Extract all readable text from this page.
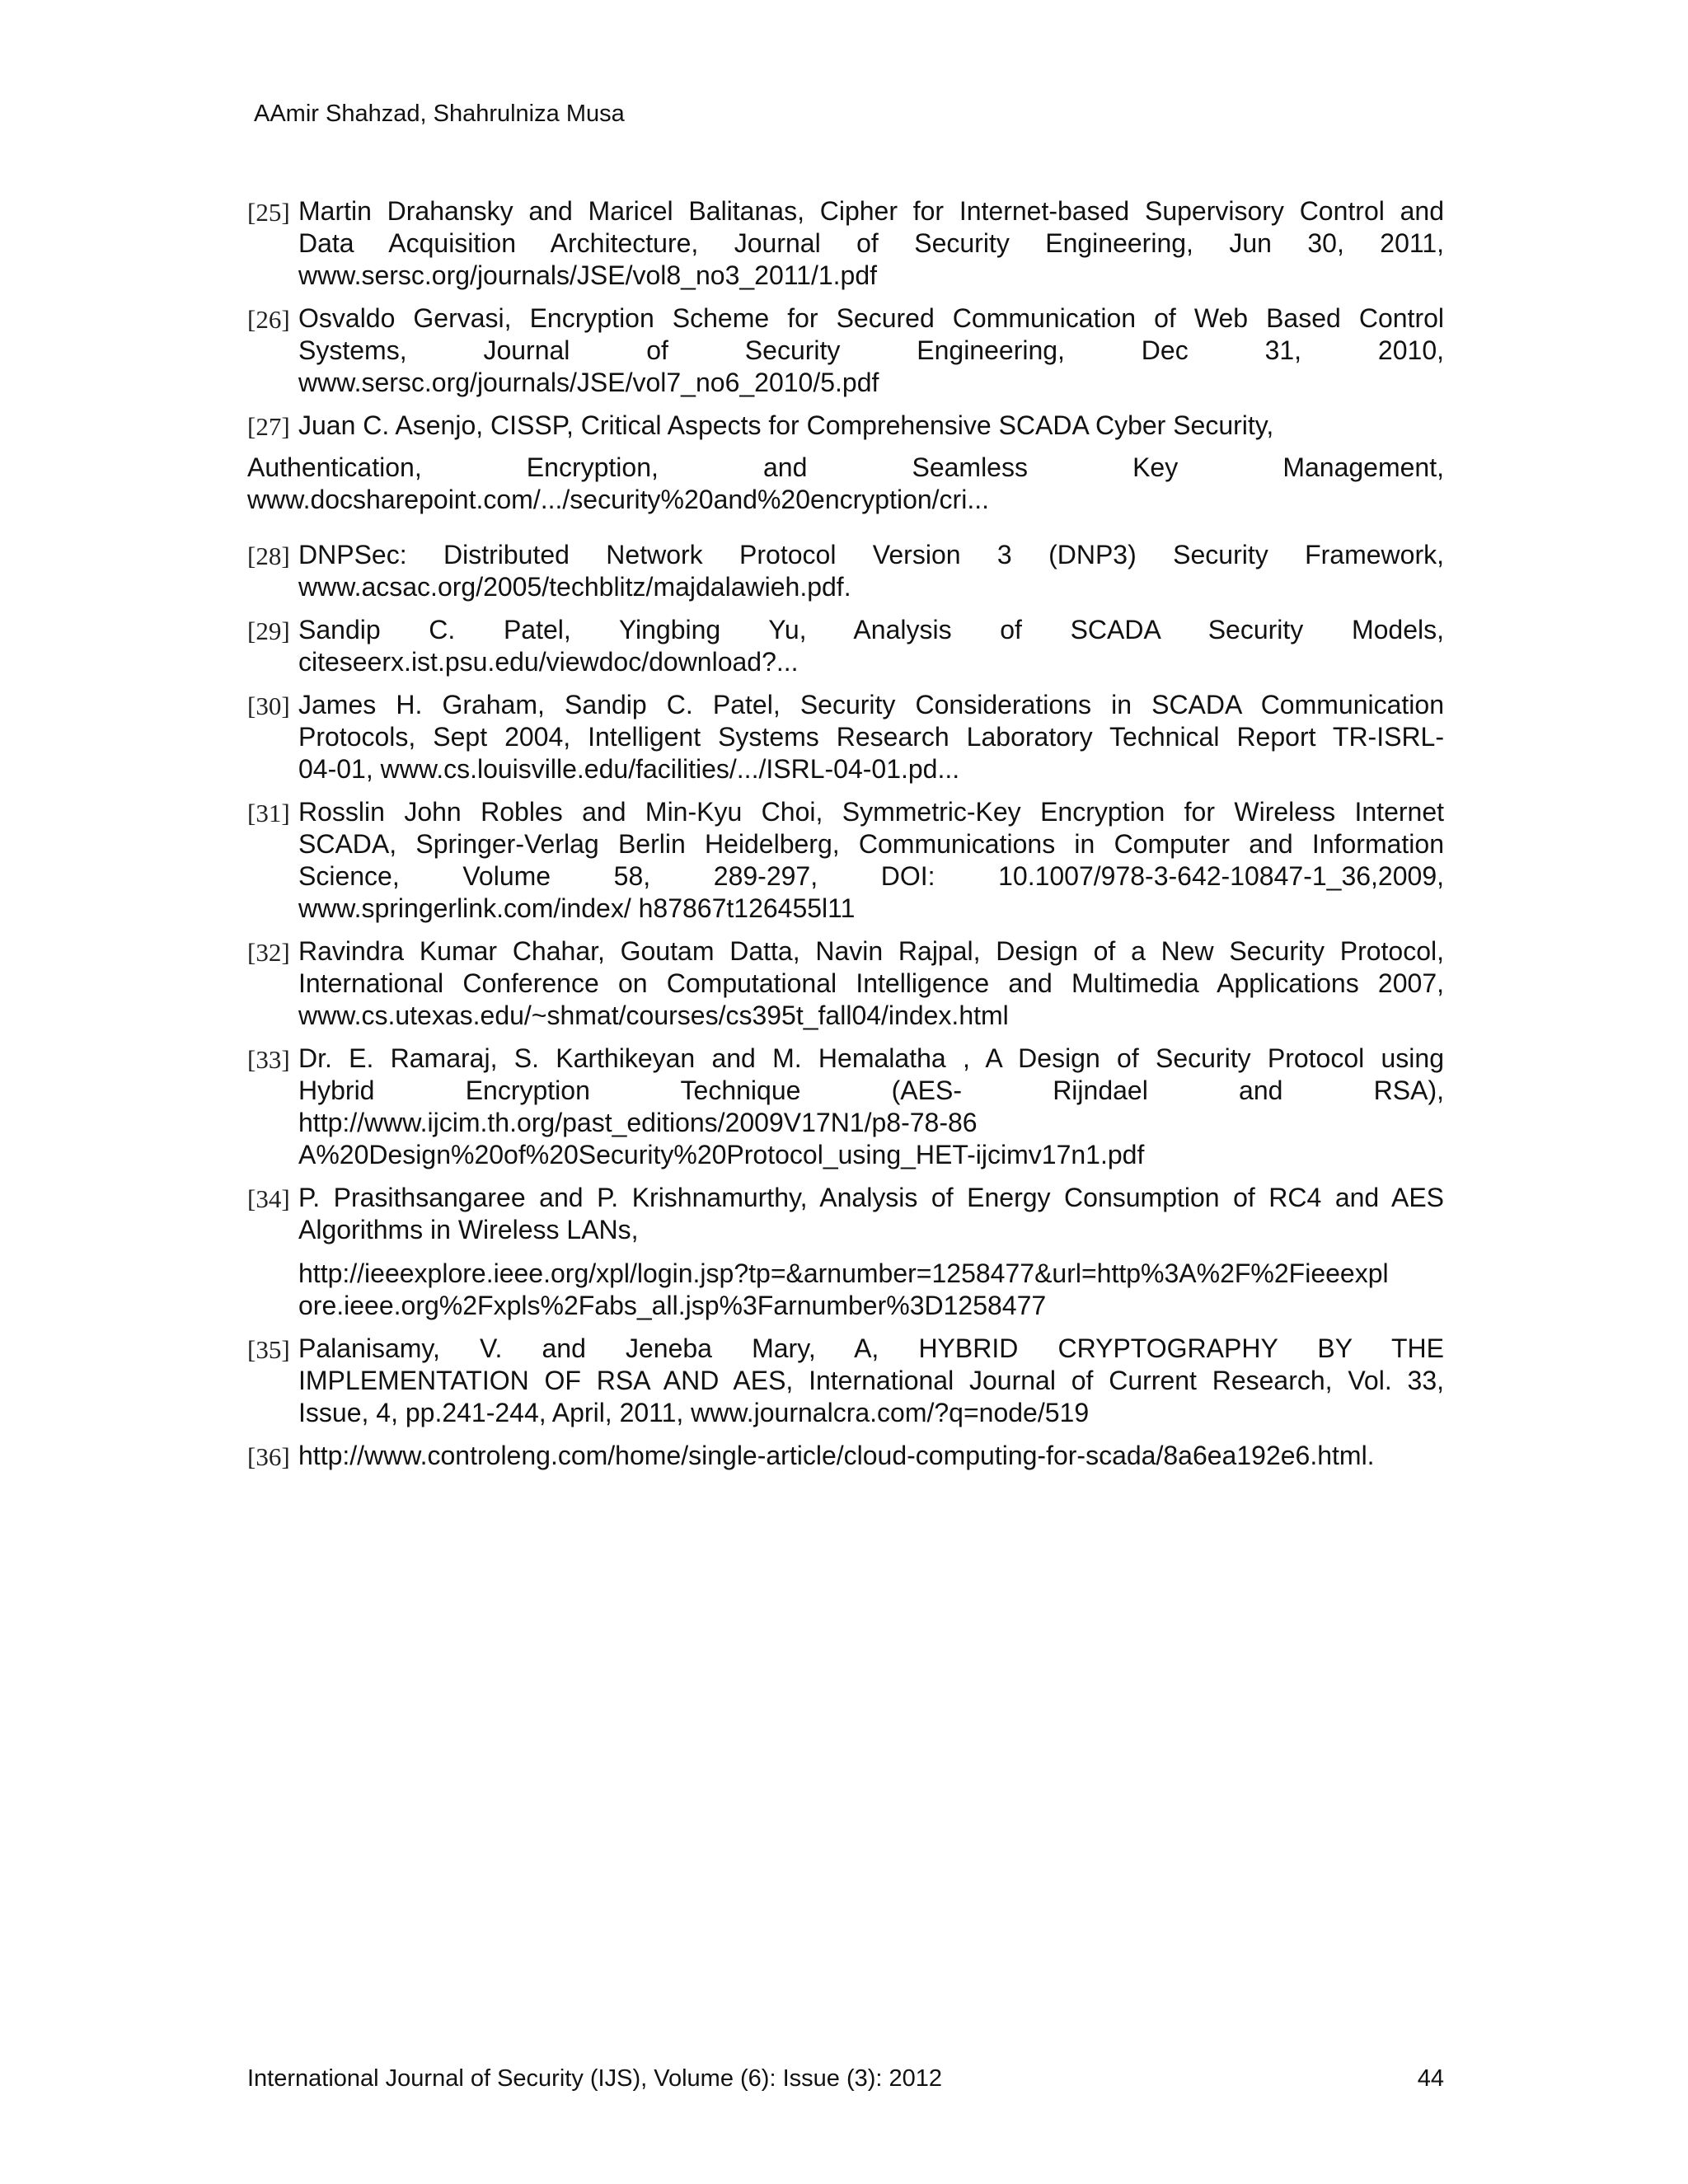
AAmir Shahzad, Shahrulniza Musa
[25] Martin Drahansky and Maricel Balitanas, Cipher for Internet-based Supervisory Control and
Data Acquisition Architecture, Journal of Security Engineering, Jun 30, 2011,
www.sersc.org/journals/JSE/vol8_no3_2011/1.pdf
[26] Osvaldo Gervasi, Encryption Scheme for Secured Communication of Web Based Control
Systems, Journal of Security Engineering, Dec 31, 2010,
www.sersc.org/journals/JSE/vol7_no6_2010/5.pdf
[27] Juan C. Asenjo, CISSP, Critical Aspects for Comprehensive SCADA Cyber Security,
Authentication, Encryption, and Seamless Key Management,
www.docsharepoint.com/.../security%20and%20encryption/cri...
[28] DNPSec: Distributed Network Protocol Version 3 (DNP3) Security Framework,
www.acsac.org/2005/techblitz/majdalawieh.pdf.
[29] Sandip C. Patel, Yingbing Yu, Analysis of SCADA Security Models,
citeseerx.ist.psu.edu/viewdoc/download?...
[30] James H. Graham, Sandip C. Patel, Security Considerations in SCADA Communication
Protocols, Sept 2004, Intelligent Systems Research Laboratory Technical Report TR-ISRL-
04-01, www.cs.louisville.edu/facilities/.../ISRL-04-01.pd...
[31] Rosslin John Robles and Min-Kyu Choi, Symmetric-Key Encryption for Wireless Internet
SCADA, Springer-Verlag Berlin Heidelberg, Communications in Computer and Information
Science, Volume 58, 289-297, DOI: 10.1007/978-3-642-10847-1_36,2009,
www.springerlink.com/index/ h87867t126455l11
[32] Ravindra Kumar Chahar, Goutam Datta, Navin Rajpal, Design of a New Security Protocol,
International Conference on Computational Intelligence and Multimedia Applications 2007,
www.cs.utexas.edu/~shmat/courses/cs395t_fall04/index.html
[33] Dr. E. Ramaraj, S. Karthikeyan and M. Hemalatha , A Design of Security Protocol using
Hybrid Encryption Technique (AES- Rijndael and RSA),
http://www.ijcim.th.org/past_editions/2009V17N1/p8-78-86
A%20Design%20of%20Security%20Protocol_using_HET-ijcimv17n1.pdf
[34] P. Prasithsangaree and P. Krishnamurthy, Analysis of Energy Consumption of RC4 and AES
Algorithms in Wireless LANs,
http://ieeexplore.ieee.org/xpl/login.jsp?tp=&arnumber=1258477&url=http%3A%2F%2Fieeexpl
ore.ieee.org%2Fxpls%2Fabs_all.jsp%3Farnumber%3D1258477
[35] Palanisamy, V. and Jeneba Mary, A, HYBRID CRYPTOGRAPHY BY THE
IMPLEMENTATION OF RSA AND AES, International Journal of Current Research, Vol. 33,
Issue, 4, pp.241-244, April, 2011, www.journalcra.com/?q=node/519
[36] http://www.controleng.com/home/single-article/cloud-computing-for-scada/8a6ea192e6.html.
International Journal of Security (IJS), Volume (6): Issue (3): 2012	44
